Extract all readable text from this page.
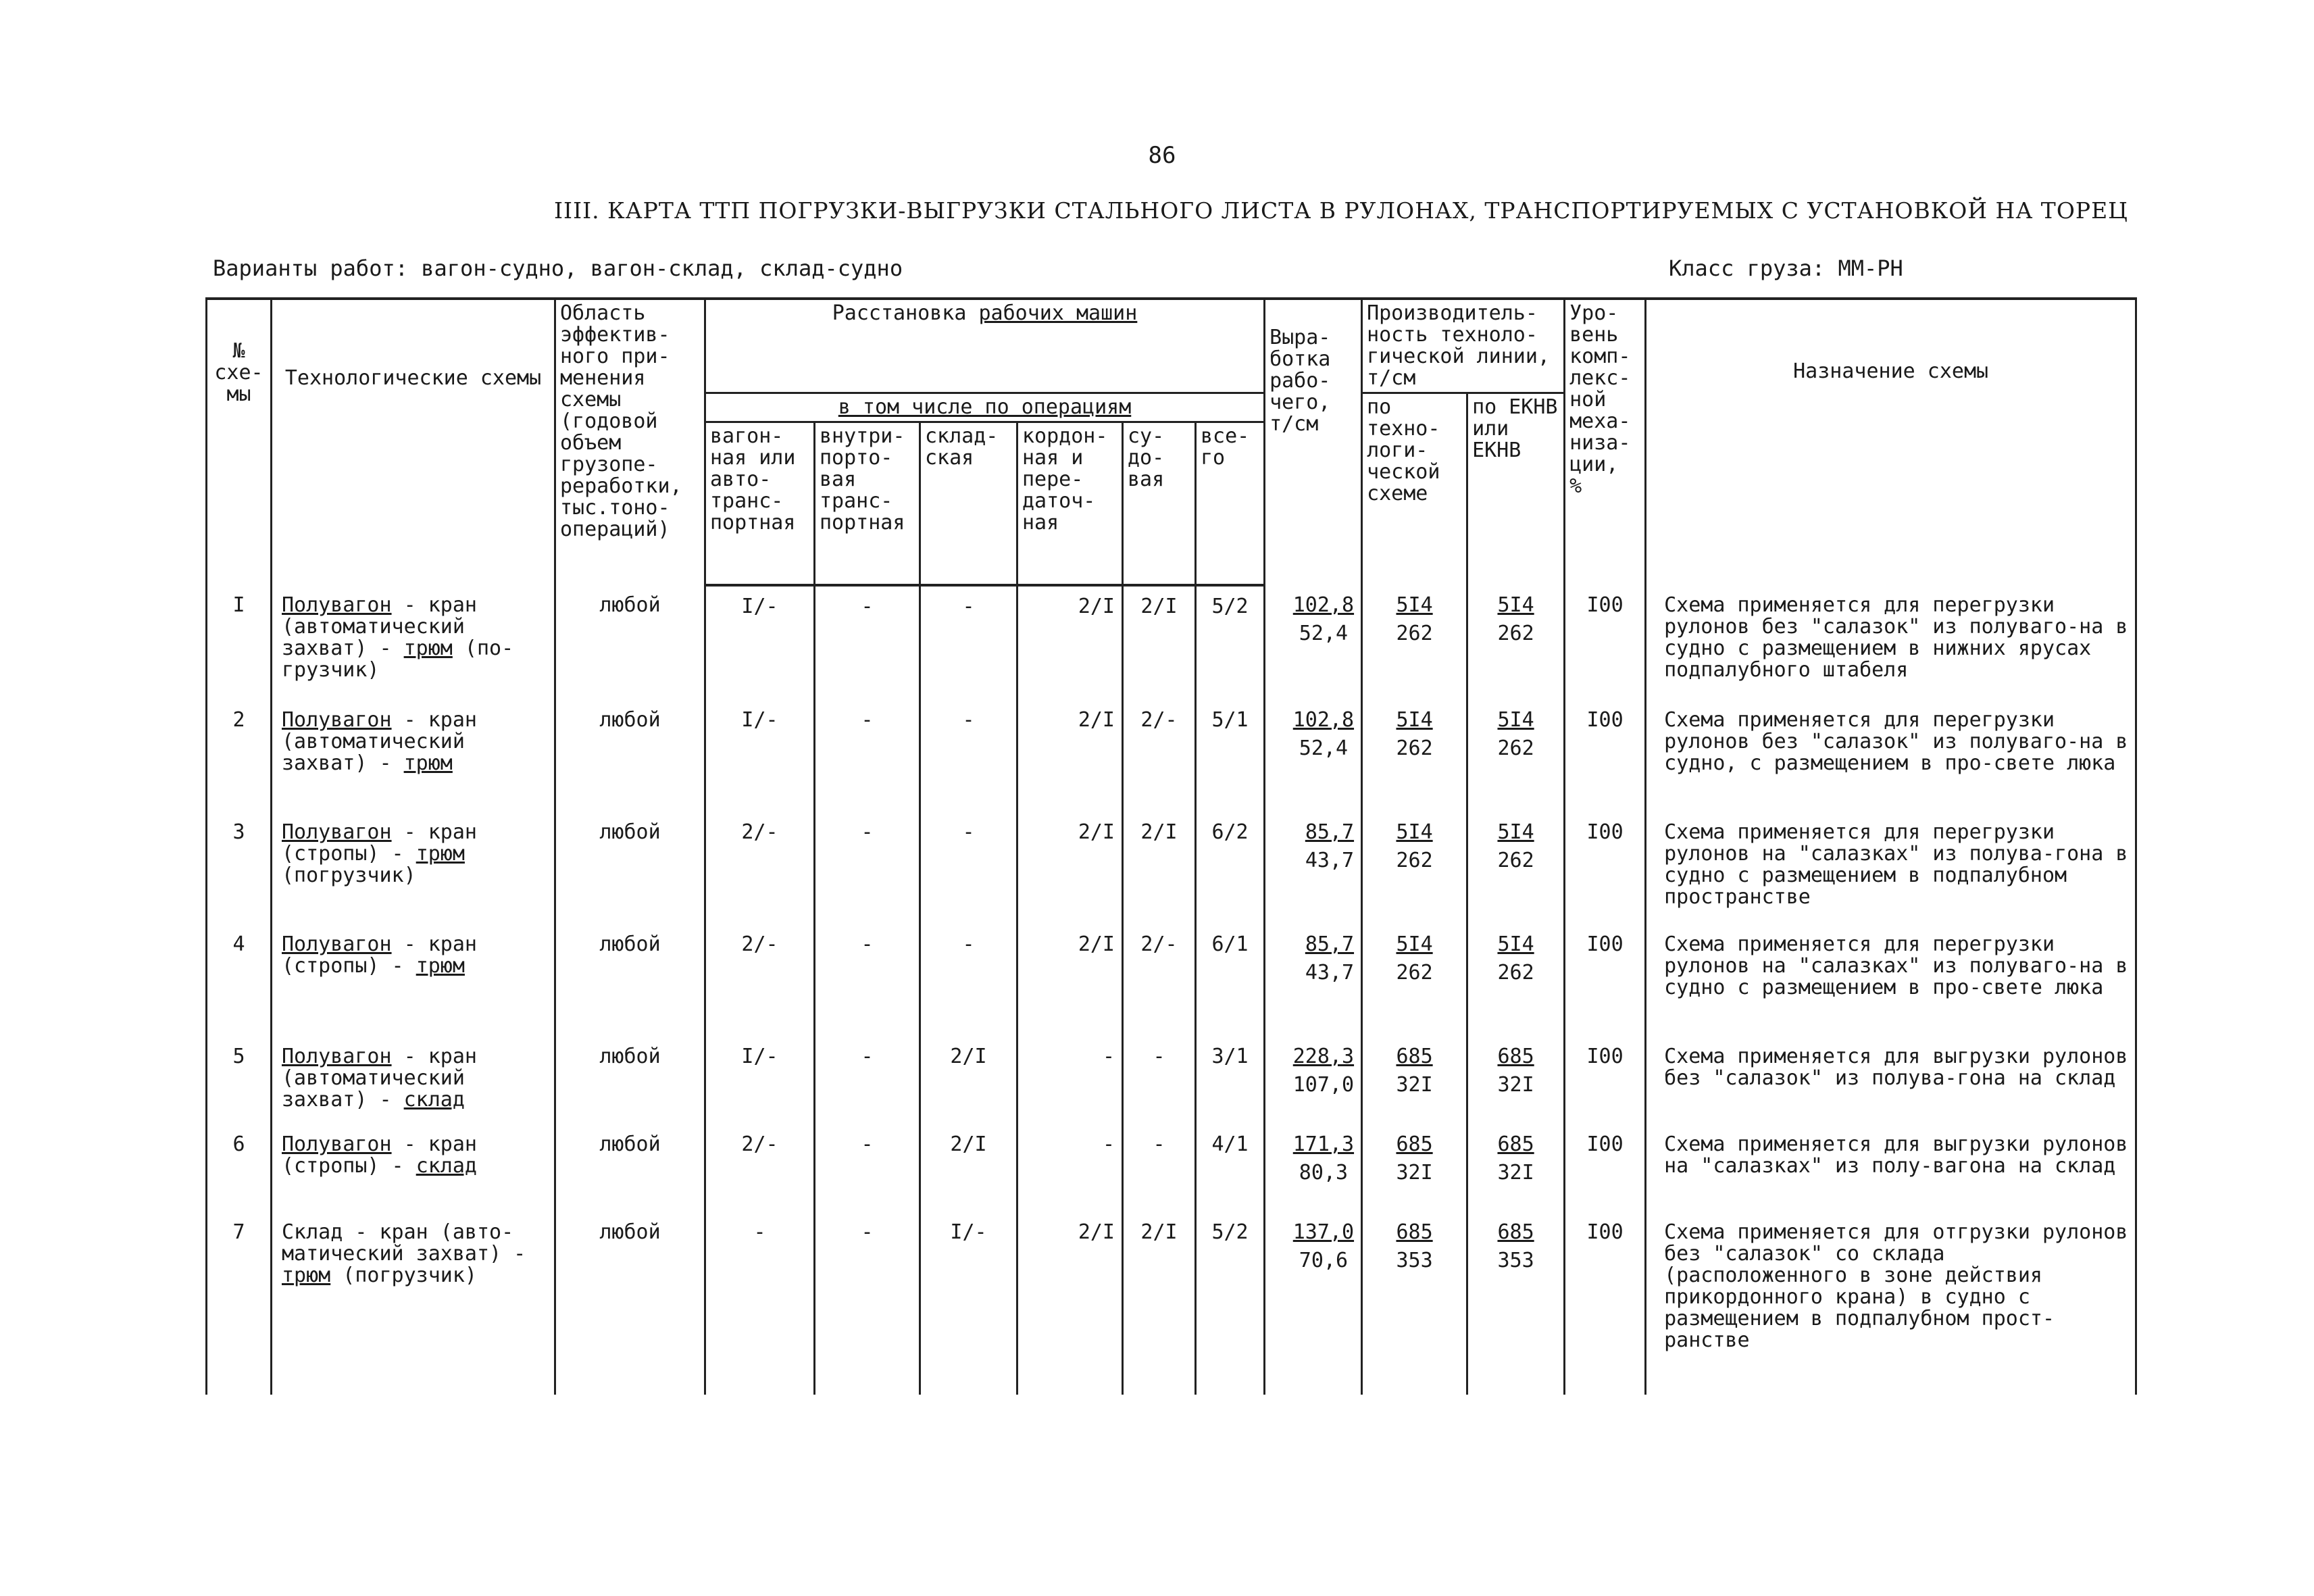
86
IIII. КАРТА ТТП ПОГРУЗКИ-ВЫГРУЗКИ СТАЛЬНОГО ЛИСТА В РУЛОНАХ, ТРАНСПОРТИРУЕМЫХ С УСТАНОВКОЙ НА ТОРЕЦ
Варианты работ: вагон-судно, вагон-склад, склад-судно	Класс груза: ММ-РН
№ схе-мы	Технологические схемы	Область эффектив-ного при-менения схемы (годовой объем грузопе-реработки, тыс.тоно-операций)	Расстановка рабочих машин						Выра-ботка рабо-чего, т/см	Производитель-ность техноло-гической линии, т/см		Уро-вень комп-лекс-ной меха-низа-ции, %	Назначение схемы
			в том числе по операциям							по техно-логи-ческой схеме	по ЕКНВ или ЕКНВ		
			вагон-ная или авто-транс-портная	внутри-порто-вая транс-портная	склад-ская	кордон-ная и пере-даточ-ная	су-до-вая	все-го					
I	Полувагон - кран (автоматический захват) - трюм (по-грузчик)	любой	I/-	-	-	2/I	2/I	5/2	$\frac{102,8}{52,4}$	$\frac{5I4}{262}$	$\frac{5I4}{262}$	I00	Схема применяется для перегрузки рулонов без "салазок" из полуваго-на в судно с размещением в нижних ярусах подпалубного штабеля
2	Полувагон - кран (автоматический захват) - трюм	любой	I/-	-	-	2/I	2/-	5/1	$\frac{102,8}{52,4}$	$\frac{5I4}{262}$	$\frac{5I4}{262}$	I00	Схема применяется для перегрузки рулонов без "салазок" из полуваго-на в судно, с размещением в про-свете люка
3	Полувагон - кран (стропы) - трюм (погрузчик)	любой	2/-	-	-	2/I	2/I	6/2	$\frac{85,7}{43,7}$	$\frac{5I4}{262}$	$\frac{5I4}{262}$	I00	Схема применяется для перегрузки рулонов на "салазках" из полува-гона в судно с размещением в подпалубном пространстве
4	Полувагон - кран (стропы) - трюм	любой	2/-	-	-	2/I	2/-	6/1	$\frac{85,7}{43,7}$	$\frac{5I4}{262}$	$\frac{5I4}{262}$	I00	Схема применяется для перегрузки рулонов на "салазках" из полуваго-на в судно с размещением в про-свете люка
5	Полувагон - кран (автоматический захват) - склад	любой	I/-	-	2/I	-	-	3/1	$\frac{228,3}{107,0}$	$\frac{685}{32I}$	$\frac{685}{32I}$	I00	Схема применяется для выгрузки рулонов без "салазок" из полува-гона на склад
6	Полувагон - кран (стропы) - склад	любой	2/-	-	2/I	-	-	4/1	$\frac{171,3}{80,3}$	$\frac{685}{32I}$	$\frac{685}{32I}$	I00	Схема применяется для выгрузки рулонов на "салазках" из полу-вагона на склад
7	Склад - кран (авто-матический захват) - трюм (погрузчик)	любой	-	-	I/-	2/I	2/I	5/2	$\frac{137,0}{70,6}$	$\frac{685}{353}$	$\frac{685}{353}$	I00	Схема применяется для отгрузки рулонов без "салазок" со склада (расположенного в зоне действия прикордонного крана) в судно с размещением в подпалубном прост-ранстве
